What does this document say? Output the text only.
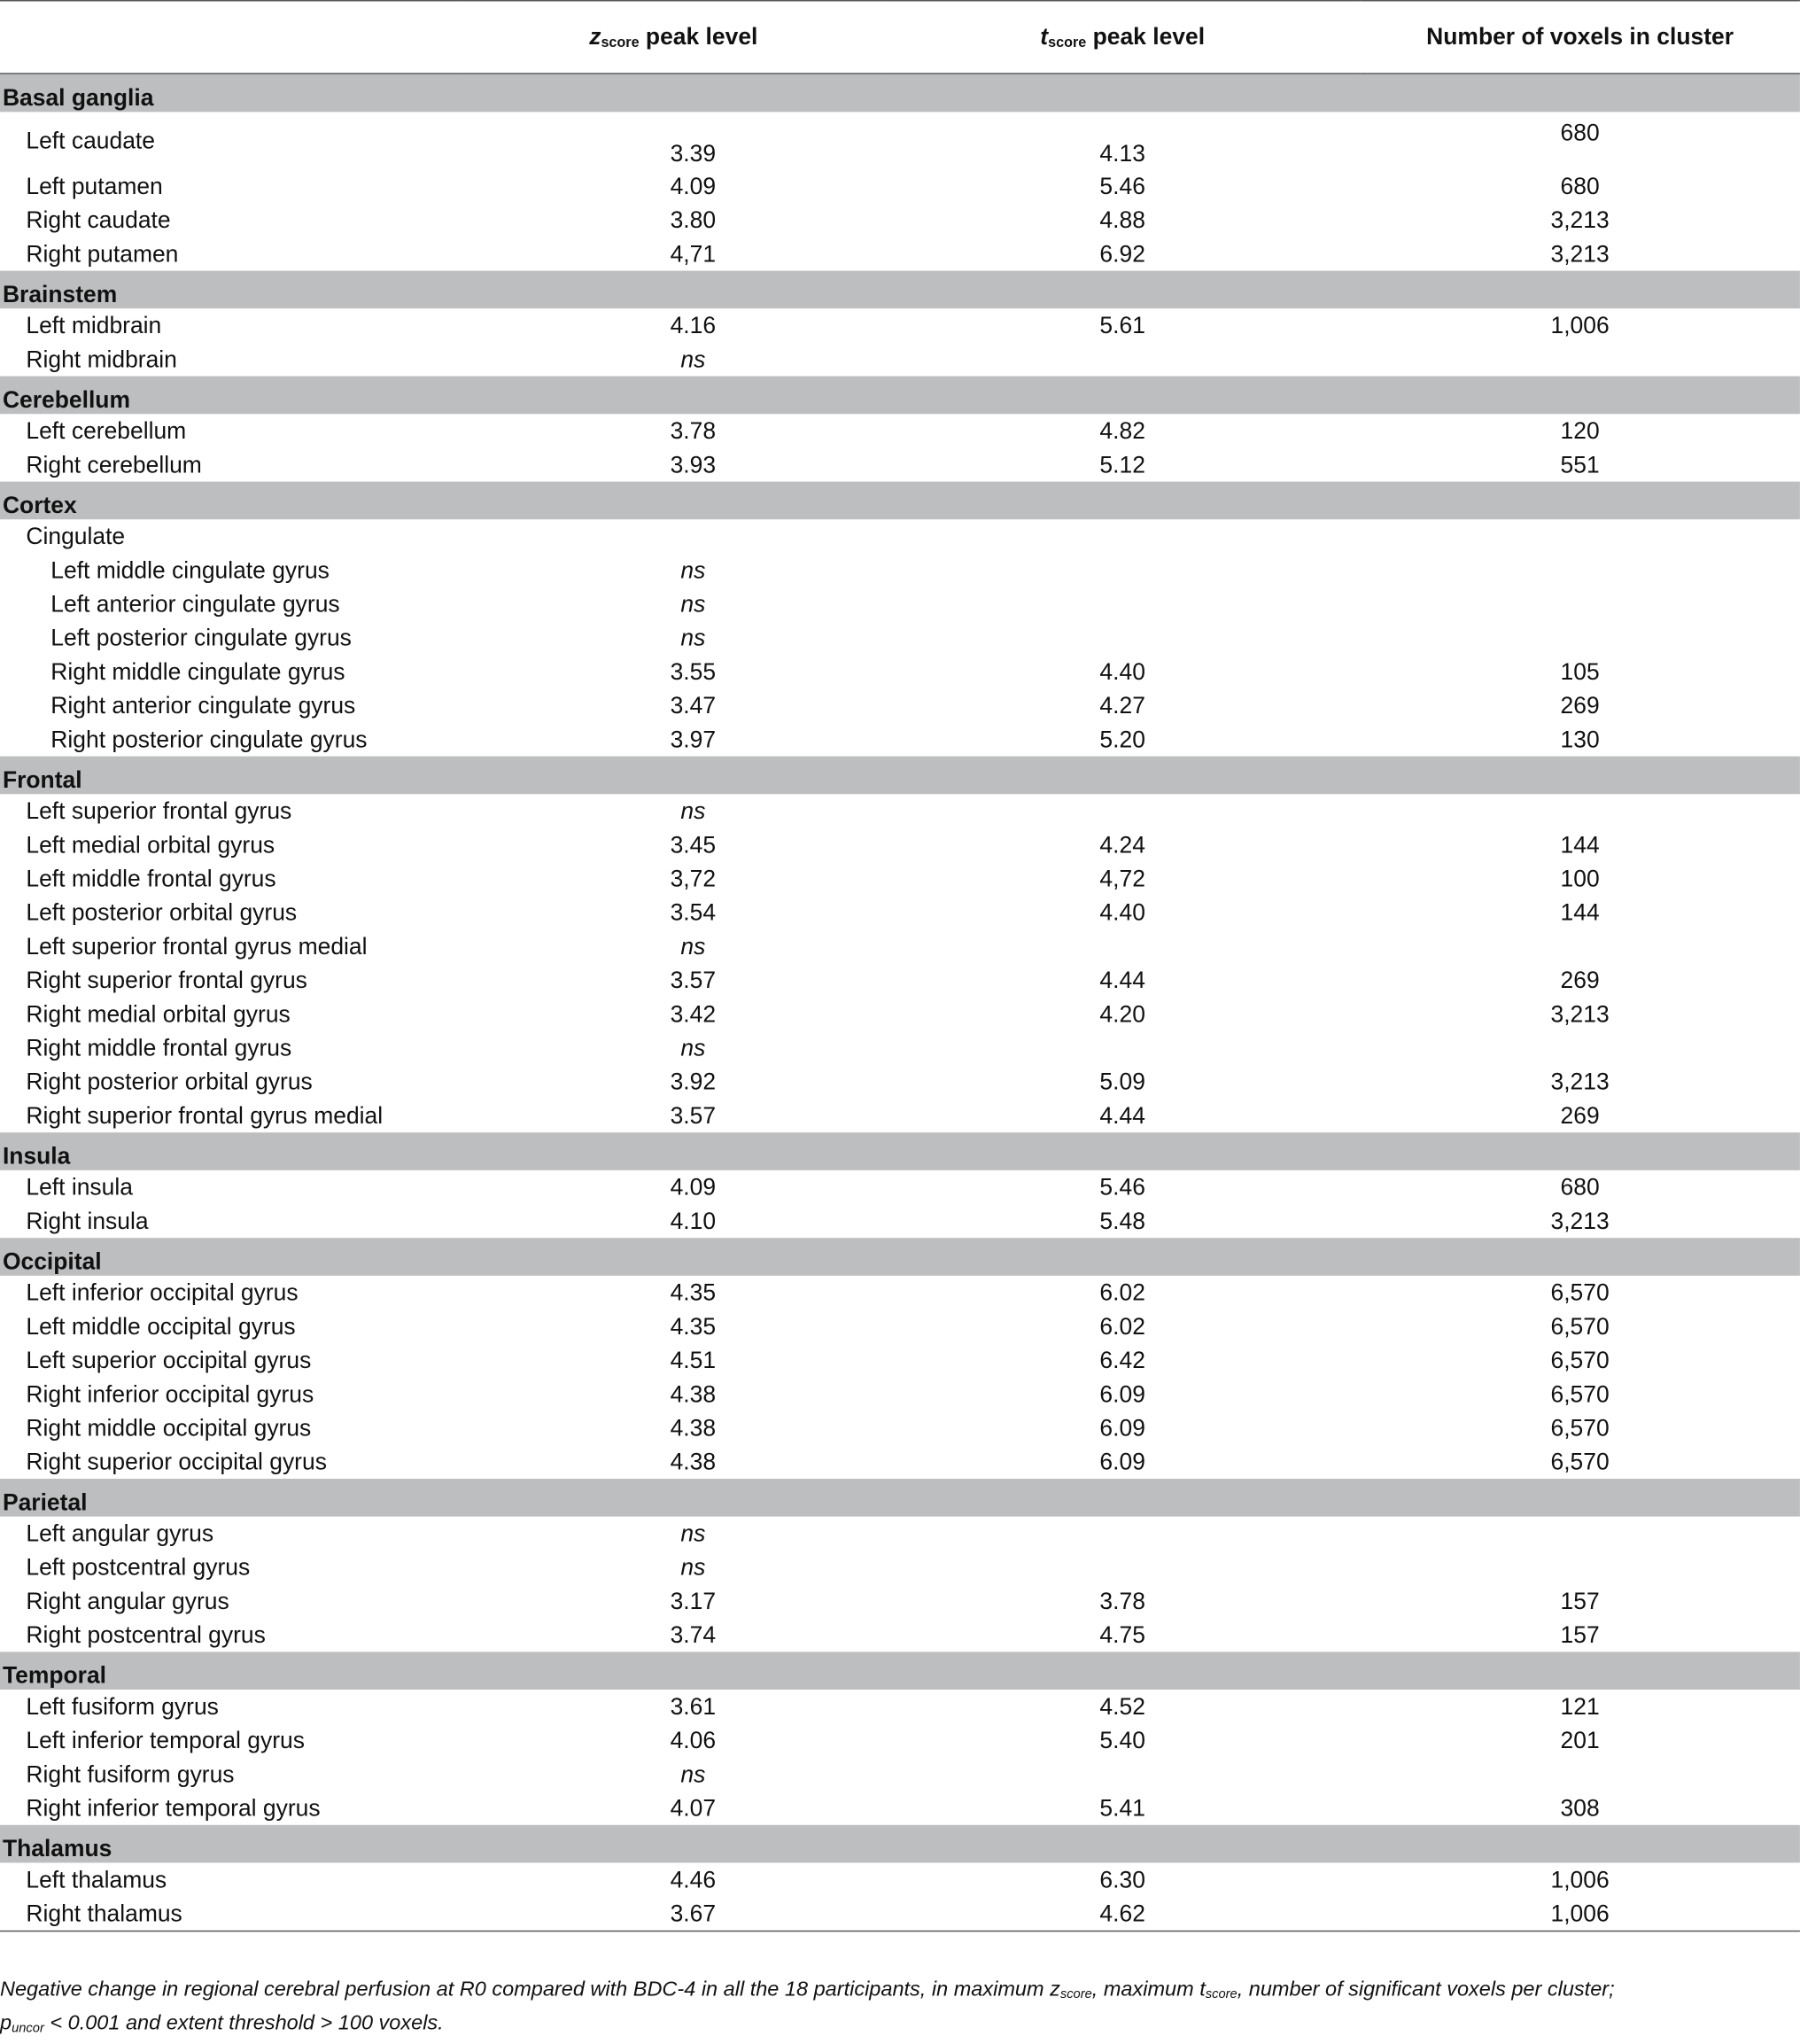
	$z_{score}$ peak level	$t_{score}$ peak level	Number of voxels in cluster
Basal ganglia			
Left caudate	3.39	4.13	680
Left putamen	4.09	5.46	680
Right caudate	3.80	4.88	3,213
Right putamen	4,71	6.92	3,213
Brainstem			
Left midbrain	4.16	5.61	1,006
Right midbrain	ns		
Cerebellum			
Left cerebellum	3.78	4.82	120
Right cerebellum	3.93	5.12	551
Cortex			
Cingulate			
Left middle cingulate gyrus	ns		
Left anterior cingulate gyrus	ns		
Left posterior cingulate gyrus	ns		
Right middle cingulate gyrus	3.55	4.40	105
Right anterior cingulate gyrus	3.47	4.27	269
Right posterior cingulate gyrus	3.97	5.20	130
Frontal			
Left superior frontal gyrus	ns		
Left medial orbital gyrus	3.45	4.24	144
Left middle frontal gyrus	3,72	4,72	100
Left posterior orbital gyrus	3.54	4.40	144
Left superior frontal gyrus medial	ns		
Right superior frontal gyrus	3.57	4.44	269
Right medial orbital gyrus	3.42	4.20	3,213
Right middle frontal gyrus	ns		
Right posterior orbital gyrus	3.92	5.09	3,213
Right superior frontal gyrus medial	3.57	4.44	269
Insula			
Left insula	4.09	5.46	680
Right insula	4.10	5.48	3,213
Occipital			
Left inferior occipital gyrus	4.35	6.02	6,570
Left middle occipital gyrus	4.35	6.02	6,570
Left superior occipital gyrus	4.51	6.42	6,570
Right inferior occipital gyrus	4.38	6.09	6,570
Right middle occipital gyrus	4.38	6.09	6,570
Right superior occipital gyrus	4.38	6.09	6,570
Parietal			
Left angular gyrus	ns		
Left postcentral gyrus	ns		
Right angular gyrus	3.17	3.78	157
Right postcentral gyrus	3.74	4.75	157
Temporal			
Left fusiform gyrus	3.61	4.52	121
Left inferior temporal gyrus	4.06	5.40	201
Right fusiform gyrus	ns		
Right inferior temporal gyrus	4.07	5.41	308
Thalamus			
Left thalamus	4.46	6.30	1,006
Right thalamus	3.67	4.62	1,006
Negative change in regional cerebral perfusion at R0 compared with BDC-4 in all the 18 participants, in maximum $z_{score}$, maximum $t_{score}$, number of significant voxels per cluster;
$p_{uncor} < 0.001$ and extent threshold > 100 voxels.
